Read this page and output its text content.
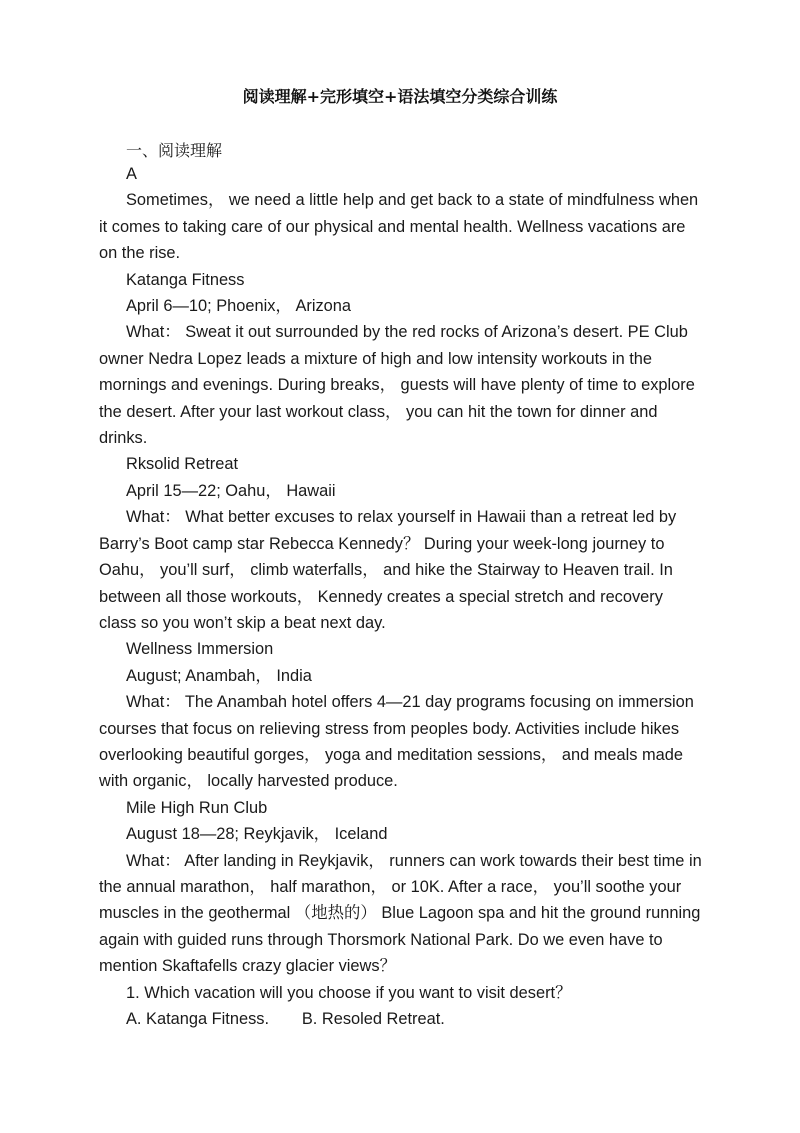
阅读理解+完形填空+语法填空分类综合训练
一、阅读理解

A

Sometimes， we need a little help and get back to a state of mindfulness when it comes to taking care of our physical and mental health. Wellness vacations are on the rise.

Katanga Fitness

April 6—10; Phoenix， Arizona

What： Sweat it out surrounded by the red rocks of Arizona’s desert. PE Club owner Nedra Lopez leads a mixture of high and low intensity workouts in the mornings and evenings. During breaks， guests will have plenty of time to explore the desert. After your last workout class， you can hit the town for dinner and drinks.

Rksolid Retreat

April 15—22; Oahu， Hawaii

What： What better excuses to relax yourself in Hawaii than a retreat led by Barry’s Boot camp star Rebecca Kennedy？ During your week-long journey to Oahu， you’ll surf， climb waterfalls， and hike the Stairway to Heaven trail. In between all those workouts， Kennedy creates a special stretch and recovery class so you won’t skip a beat next day.

Wellness Immersion

August; Anambah， India

What： The Anambah hotel offers 4—21 day programs focusing on immersion courses that focus on relieving stress from peoples body. Activities include hikes overlooking beautiful gorges， yoga and meditation sessions， and meals made with organic， locally harvested produce.

Mile High Run Club

August 18—28; Reykjavik， Iceland

What： After landing in Reykjavik， runners can work towards their best time in the annual marathon， half marathon， or 10K. After a race， you’ll soothe your muscles in the geothermal （地热的） Blue Lagoon spa and hit the ground running again with guided runs through Thorsmork National Park. Do we even have to mention Skaftafells crazy glacier views？

1. Which vacation will you choose if you want to visit desert？

A. Katanga Fitness.　　B. Resoled Retreat.
